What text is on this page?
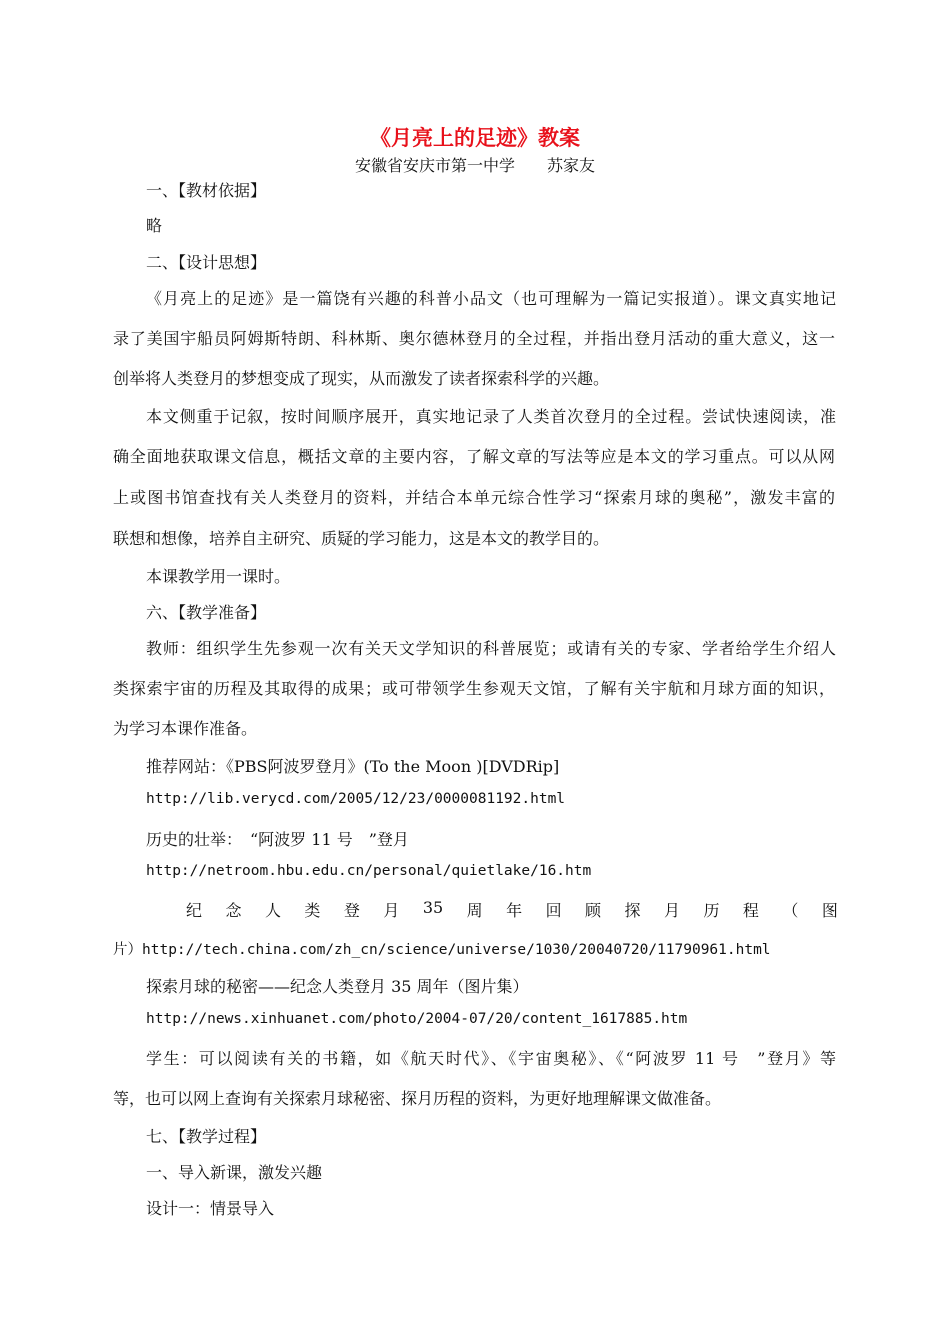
《月亮上的足迹》教案
安徽省安庆市第一中学　　苏家友
一、【教材依据】
略
二、【设计思想】
《月亮上的足迹》是一篇饶有兴趣的科普小品文（也可理解为一篇记实报道）。课文真实地记
录了美国宇船员阿姆斯特朗、科林斯、奥尔德林登月的全过程，并指出登月活动的重大意义，这一
创举将人类登月的梦想变成了现实，从而激发了读者探索科学的兴趣。
本文侧重于记叙，按时间顺序展开，真实地记录了人类首次登月的全过程。尝试快速阅读，准
确全面地获取课文信息，概括文章的主要内容，了解文章的写法等应是本文的学习重点。可以从网
上或图书馆查找有关人类登月的资料，并结合本单元综合性学习“探索月球的奥秘”，激发丰富的
联想和想像，培养自主研究、质疑的学习能力，这是本文的教学目的。
本课教学用一课时。
六、【教学准备】
教师：组织学生先参观一次有关天文学知识的科普展览；或请有关的专家、学者给学生介绍人
类探索宇宙的历程及其取得的成果；或可带领学生参观天文馆，了解有关宇航和月球方面的知识，
为学习本课作准备。
推荐网站：《PBS阿波罗登月》(To the Moon )[DVDRip]
http://lib.verycd.com/2005/12/23/0000081192.html
历史的壮举：　“阿波罗 11 号　”登月
http://netroom.hbu.edu.cn/personal/quietlake/16.htm
纪 念 人 类 登 月 35 周 年 回 顾 探 月 历 程 （ 图
片）http://tech.china.com/zh_cn/science/universe/1030/20040720/11790961.html
探索月球的秘密——纪念人类登月 35 周年（图片集）
http://news.xinhuanet.com/photo/2004-07/20/content_1617885.htm
学生：可以阅读有关的书籍，如《航天时代》、《宇宙奥秘》、《“阿波罗 11 号　”登月》等
等，也可以网上查询有关探索月球秘密、探月历程的资料，为更好地理解课文做准备。
七、【教学过程】
一、导入新课，激发兴趣
设计一：情景导入
